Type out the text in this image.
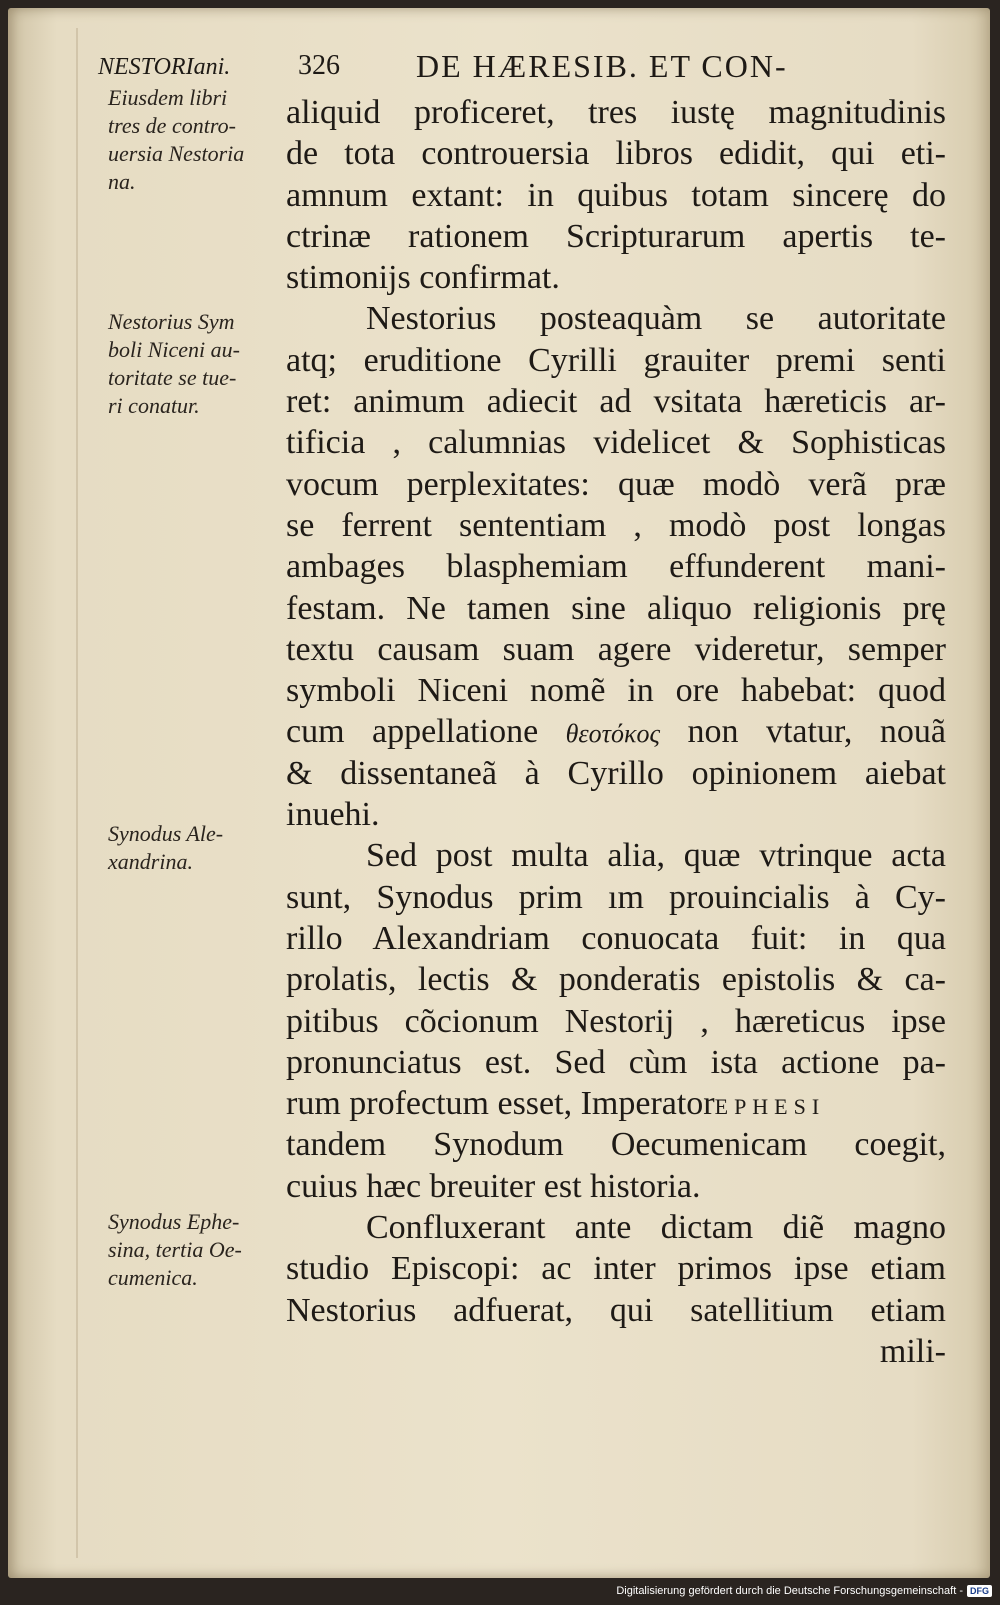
NESTORIani. 326 DE HÆRESIB. ET CON-
Eiusdem libri
tres de contro-
uersia Nestoria
na.
Nestorius Sym
boli Niceni au-
toritate se tue-
ri conatur.
Synodus Ale-
xandrina.
Synodus Ephe-
sina, tertia Oe-
cumenica.
aliquid proficeret, tres iustę magnitudinis
de tota controuersia libros edidit, qui eti-
amnum extant: in quibus totam sincerę do
ctrinæ rationem Scripturarum apertis te-
stimonijs confirmat.
Nestorius posteaquàm se autoritate
atq; eruditione Cyrilli grauiter premi senti
ret: animum adiecit ad vsitata hæreticis ar-
tificia , calumnias videlicet & Sophisticas
vocum perplexitates: quæ modò verã præ
se ferrent sententiam , modò post longas
ambages blasphemiam effunderent mani-
festam. Ne tamen sine aliquo religionis prę
textu causam suam agere videretur, semper
symboli Niceni nomẽ in ore habebat: quod
cum appellatione θεοτόκος non vtatur, nouã
& dissentaneã à Cyrillo opinionem aiebat
inuehi.
Sed post multa alia, quæ vtrinque acta
sunt, Synodus prim ım prouincialis à Cy-
rillo Alexandriam conuocata fuit: in qua
prolatis, lectis & ponderatis epistolis & ca-
pitibus cõcionum Nestorij , hæreticus ipse
pronunciatus est. Sed cùm ista actione pa-
rum profectum esset, ImperatorEPHESI
tandem Synodum Oecumenicam coegit,
cuius hæc breuiter est historia.
Confluxerant ante dictam diẽ magno
studio Episcopi: ac inter primos ipse etiam
Nestorius adfuerat, qui satellitium etiam
mili-
Digitalisierung gefördert durch die Deutsche Forschungsgemeinschaft - DFG
